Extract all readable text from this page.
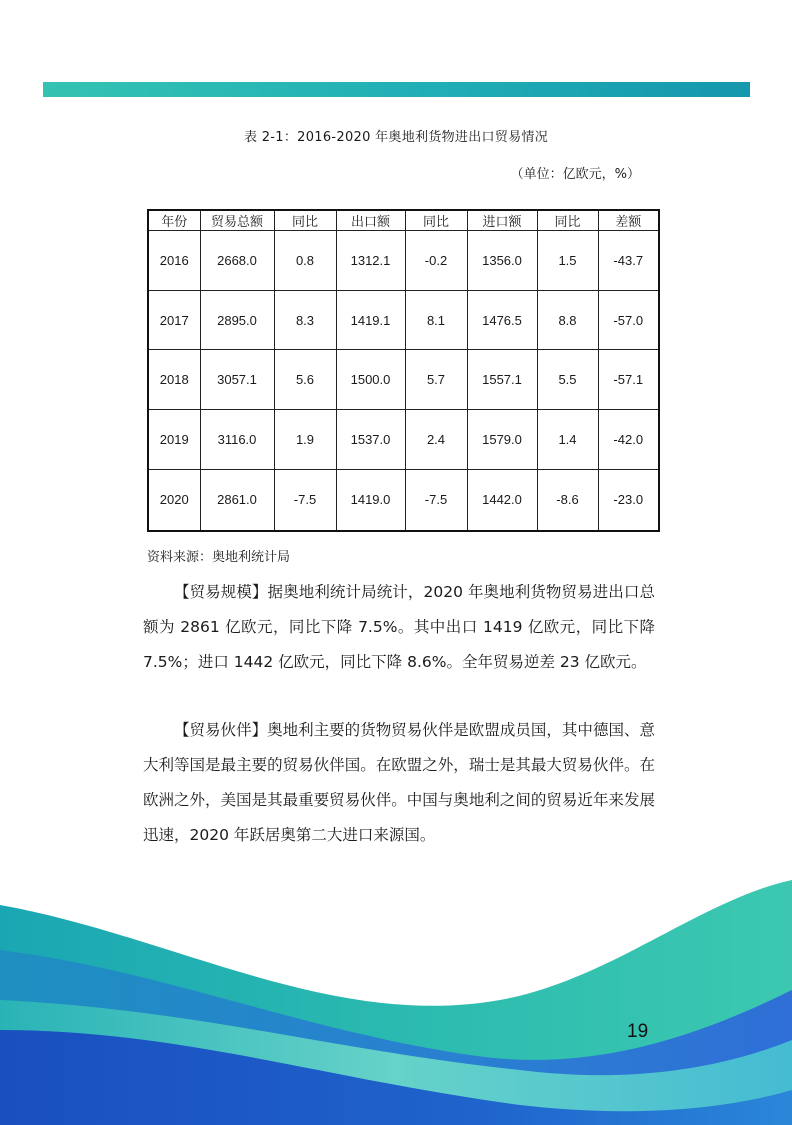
表 2-1：2016-2020 年奥地利货物进出口贸易情况
（单位：亿欧元，%）
年份	贸易总额	同比	出口额	同比	进口额	同比	差额
2016	2668.0	0.8	1312.1	-0.2	1356.0	1.5	-43.7
2017	2895.0	8.3	1419.1	8.1	1476.5	8.8	-57.0
2018	3057.1	5.6	1500.0	5.7	1557.1	5.5	-57.1
2019	3116.0	1.9	1537.0	2.4	1579.0	1.4	-42.0
2020	2861.0	-7.5	1419.0	-7.5	1442.0	-8.6	-23.0
资料来源：奥地利统计局

【贸易规模】据奥地利统计局统计，2020 年奥地利货物贸易进出口总额为 2861 亿欧元，同比下降 7.5%。其中出口 1419 亿欧元，同比下降 7.5%；进口 1442 亿欧元，同比下降 8.6%。全年贸易逆差 23 亿欧元。

【贸易伙伴】奥地利主要的货物贸易伙伴是欧盟成员国，其中德国、意大利等国是最主要的贸易伙伴国。在欧盟之外，瑞士是其最大贸易伙伴。在欧洲之外，美国是其最重要贸易伙伴。中国与奥地利之间的贸易近年来发展迅速，2020 年跃居奥第二大进口来源国。

19
